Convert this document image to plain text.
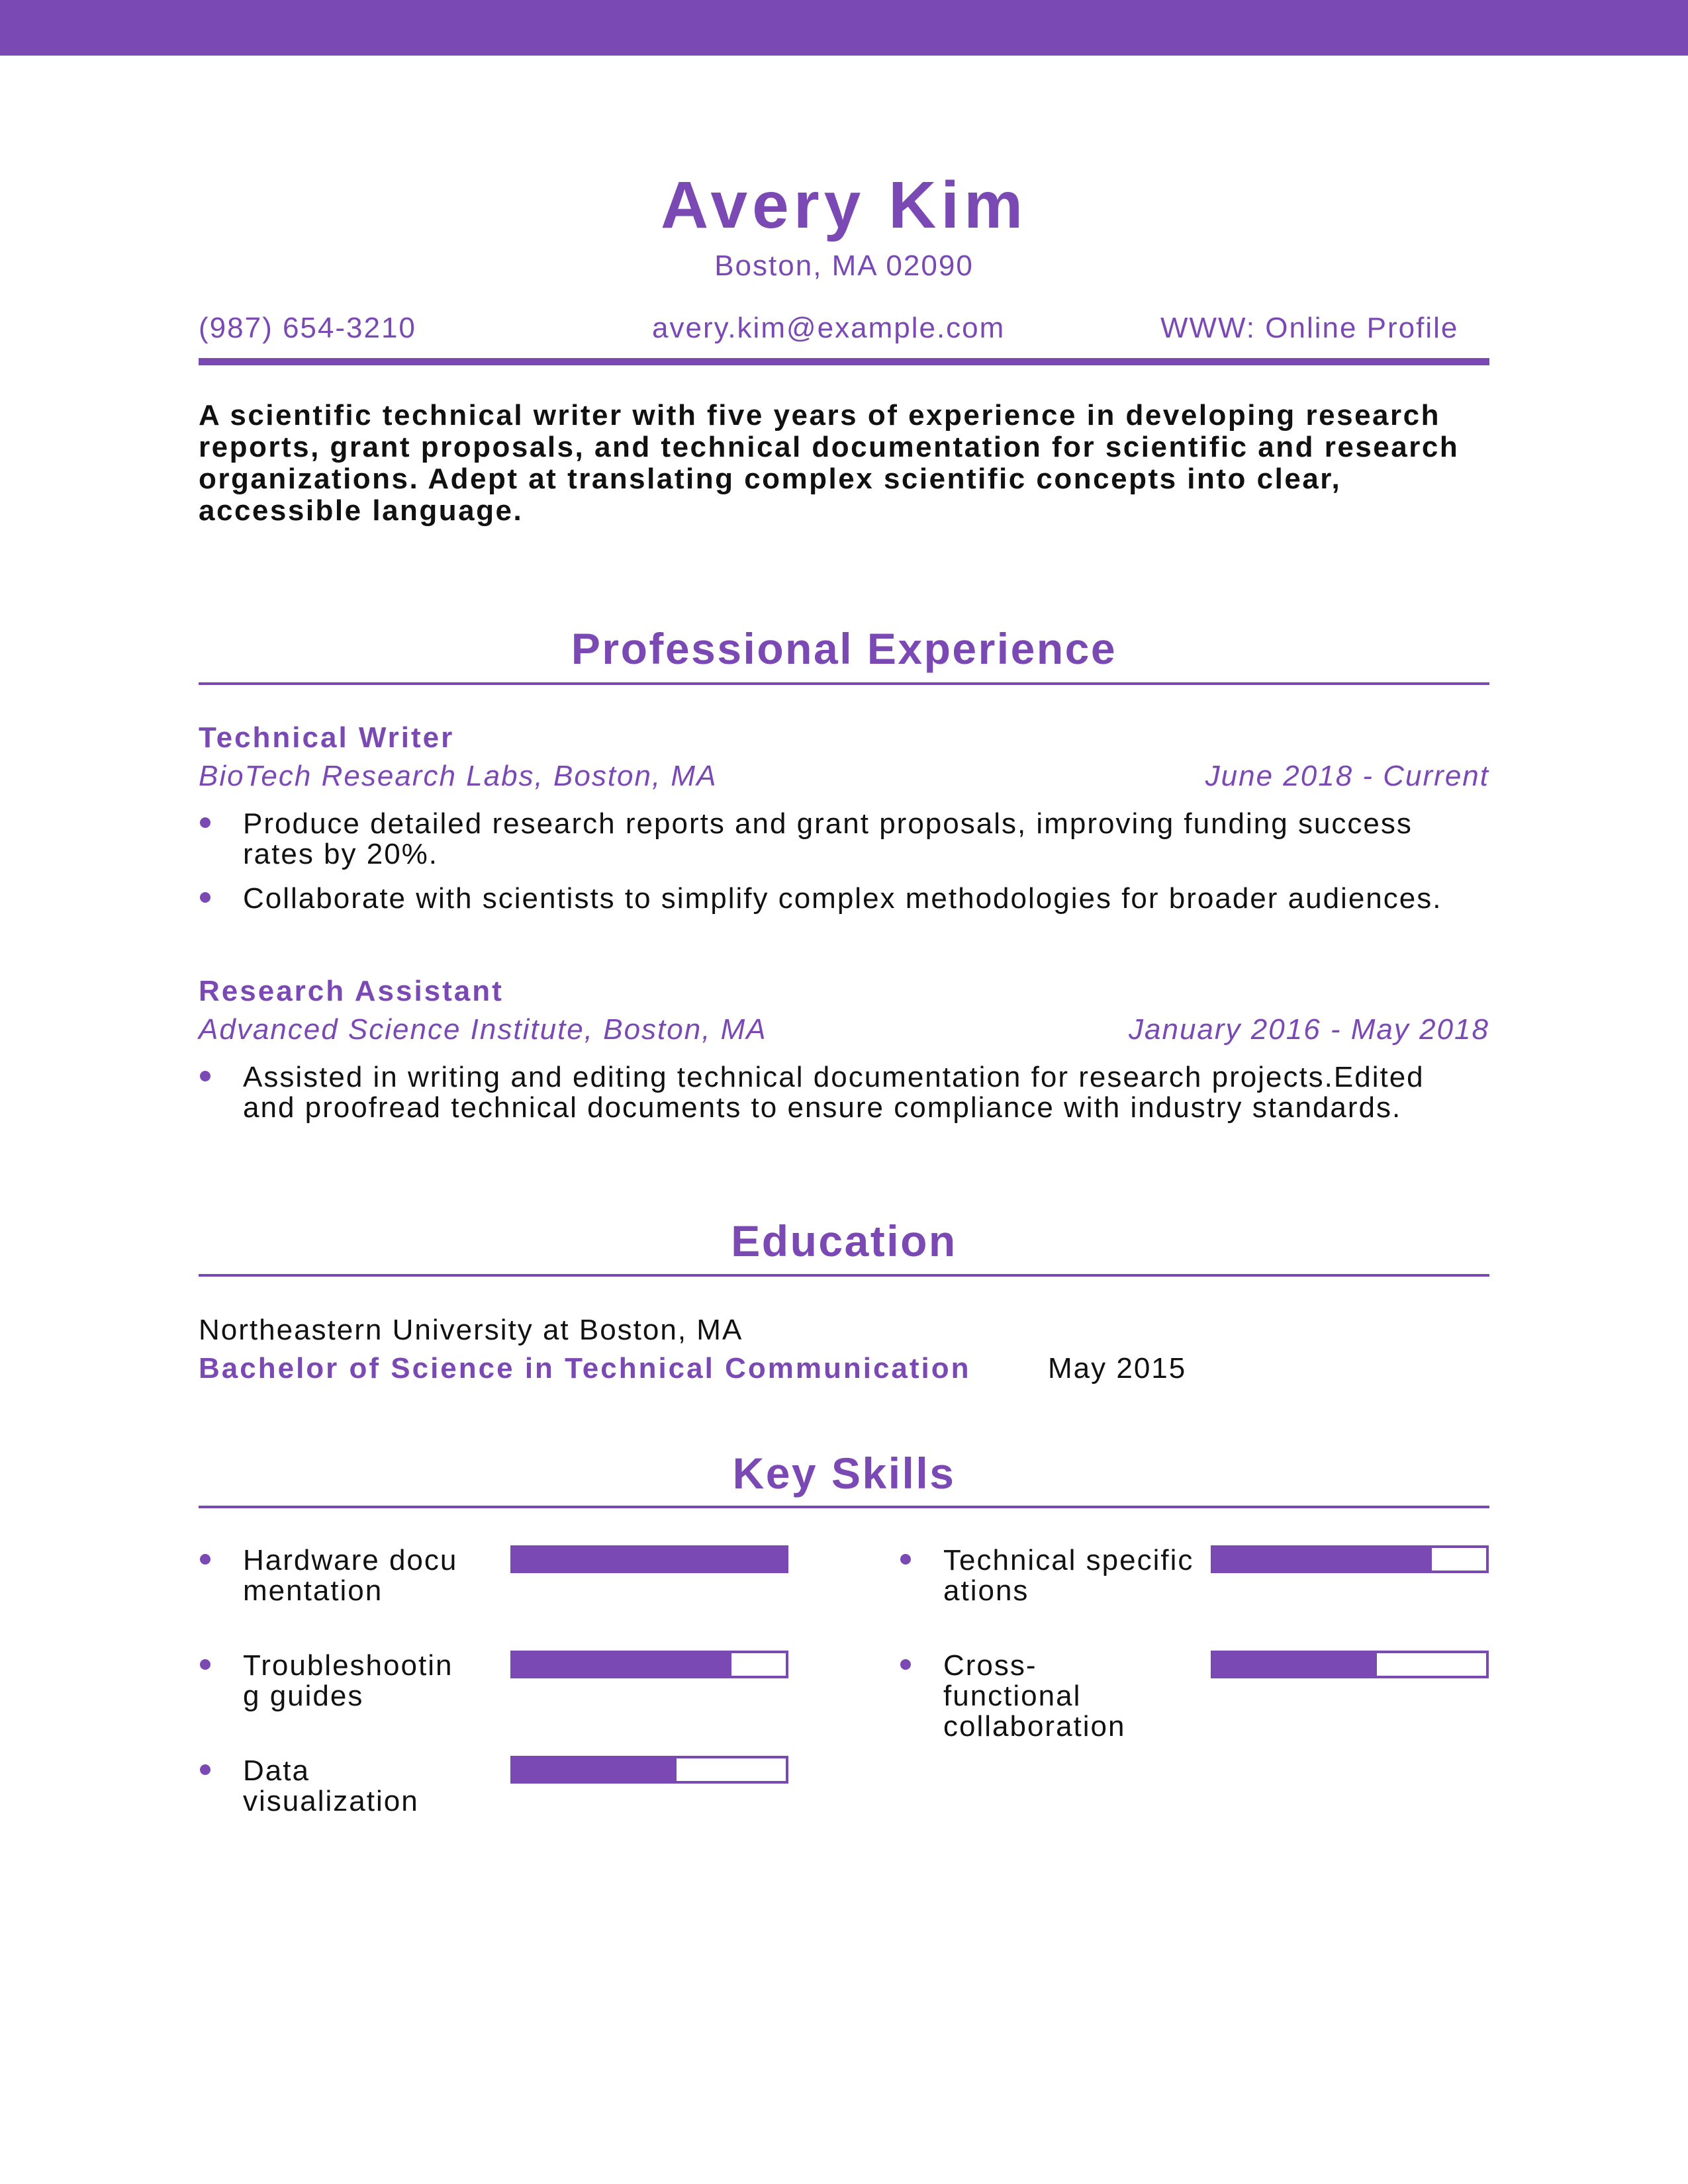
Avery Kim
Boston, MA 02090
(987) 654-3210	avery.kim@example.com	WWW: Online Profile
A scientific technical writer with five years of experience in developing research reports, grant proposals, and technical documentation for scientific and research organizations. Adept at translating complex scientific concepts into clear, accessible language.
Professional Experience
Technical Writer
BioTech Research Labs, Boston, MA	June 2018 - Current
Produce detailed research reports and grant proposals, improving funding success rates by 20%.
Collaborate with scientists to simplify complex methodologies for broader audiences.
Research Assistant
Advanced Science Institute, Boston, MA	January 2016 - May 2018
Assisted in writing and editing technical documentation for research projects.Edited and proofread technical documents to ensure compliance with industry standards.
Education
Northeastern University at Boston, MA
Bachelor of Science in Technical Communication	May 2015
Key Skills
Hardware documentation
Technical specifications
Troubleshooting guides
Cross-functional collaboration
Data visualization
